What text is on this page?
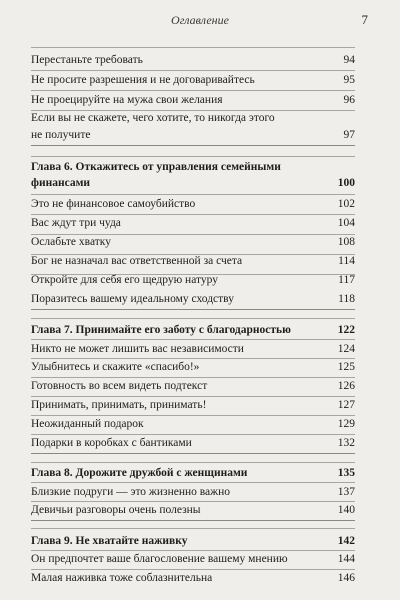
Оглавление	7
Перестаньте требовать	94
Не просите разрешения и не договаривайтесь	95
Не проецируйте на мужа свои желания	96
Если вы не скажете, чего хотите, то никогда этого
не получите	97
Глава 6. Откажитесь от управления семейными
финансами	100
Это не финансовое самоубийство	102
Вас ждут три чуда	104
Ослабьте хватку	108
Бог не назначал вас ответственной за счета	114
Откройте для себя его щедрую натуру	117
Поразитесь вашему идеальному сходству	118
Глава 7. Принимайте его заботу с благодарностью	122
Никто не может лишить вас независимости	124
Улыбнитесь и скажите «спасибо!»	125
Готовность во всем видеть подтекст	126
Принимать, принимать, принимать!	127
Неожиданный подарок	129
Подарки в коробках с бантиками	132
Глава 8. Дорожите дружбой с женщинами	135
Близкие подруги — это жизненно важно	137
Девичьи разговоры очень полезны	140
Глава 9. Не хватайте наживку	142
Он предпочтет ваше благословение вашему мнению	144
Малая наживка тоже соблазнительна	146
